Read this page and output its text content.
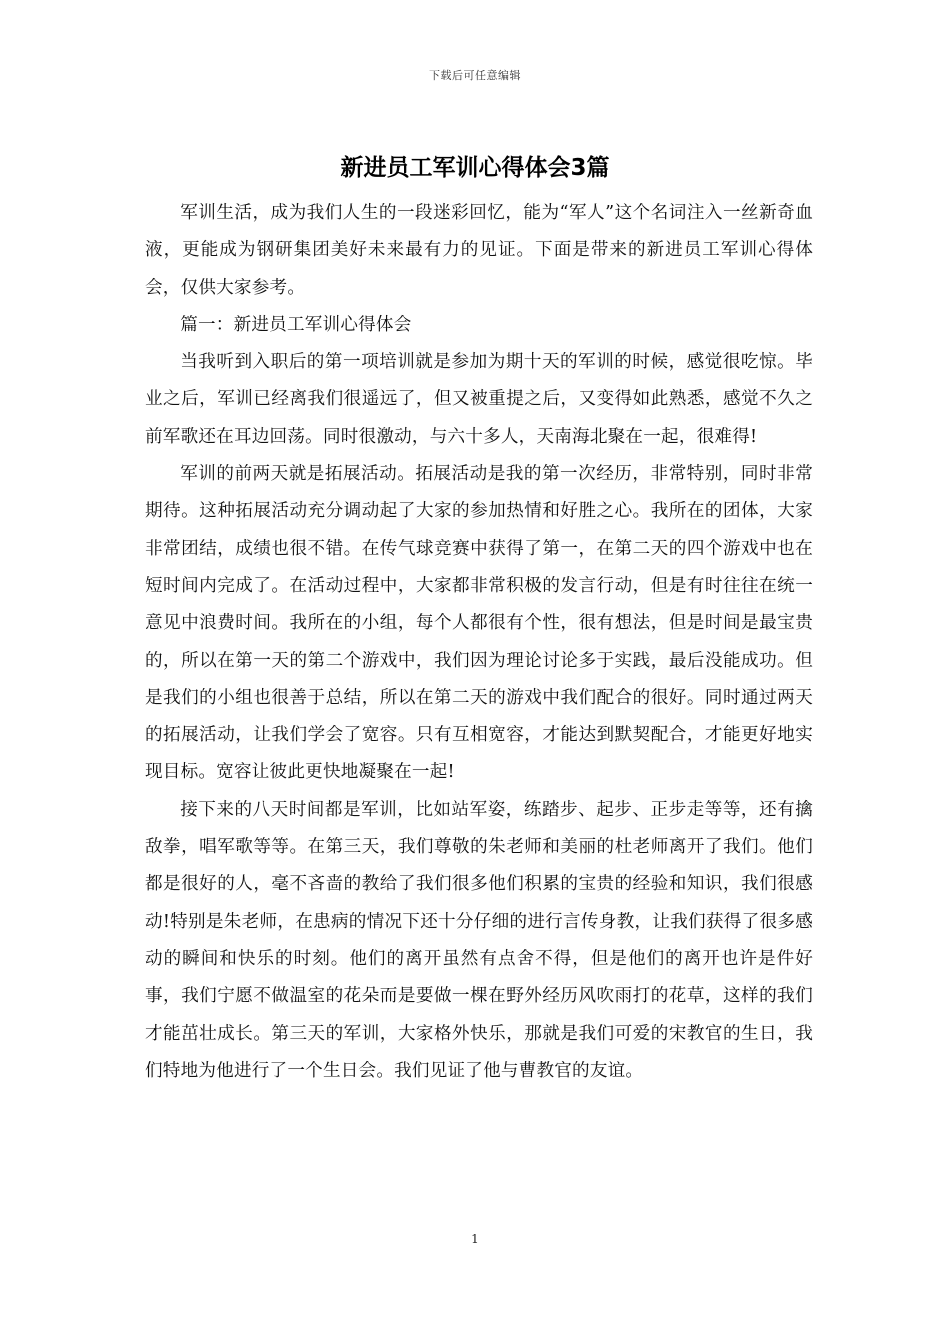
下载后可任意编辑
新进员工军训心得体会3篇

军训生活，成为我们人生的一段迷彩回忆，能为“军人”这个名词注入一丝新奇血液，更能成为钢研集团美好未来最有力的见证。下面是带来的新进员工军训心得体会，仅供大家参考。

篇一：新进员工军训心得体会

当我听到入职后的第一项培训就是参加为期十天的军训的时候，感觉很吃惊。毕业之后，军训已经离我们很遥远了，但又被重提之后，又变得如此熟悉，感觉不久之前军歌还在耳边回荡。同时很激动，与六十多人，天南海北聚在一起，很难得!

军训的前两天就是拓展活动。拓展活动是我的第一次经历，非常特别，同时非常期待。这种拓展活动充分调动起了大家的参加热情和好胜之心。我所在的团体，大家非常团结，成绩也很不错。在传气球竞赛中获得了第一，在第二天的四个游戏中也在短时间内完成了。在活动过程中，大家都非常积极的发言行动，但是有时往往在统一意见中浪费时间。我所在的小组，每个人都很有个性，很有想法，但是时间是最宝贵的，所以在第一天的第二个游戏中，我们因为理论讨论多于实践，最后没能成功。但是我们的小组也很善于总结，所以在第二天的游戏中我们配合的很好。同时通过两天的拓展活动，让我们学会了宽容。只有互相宽容，才能达到默契配合，才能更好地实现目标。宽容让彼此更快地凝聚在一起!

接下来的八天时间都是军训，比如站军姿，练踏步、起步、正步走等等，还有擒敌拳，唱军歌等等。在第三天，我们尊敬的朱老师和美丽的杜老师离开了我们。他们都是很好的人，毫不吝啬的教给了我们很多他们积累的宝贵的经验和知识，我们很感动!特别是朱老师，在患病的情况下还十分仔细的进行言传身教，让我们获得了很多感动的瞬间和快乐的时刻。他们的离开虽然有点舍不得，但是他们的离开也许是件好事，我们宁愿不做温室的花朵而是要做一棵在野外经历风吹雨打的花草，这样的我们才能茁壮成长。第三天的军训，大家格外快乐，那就是我们可爱的宋教官的生日，我们特地为他进行了一个生日会。我们见证了他与曹教官的友谊。

1
